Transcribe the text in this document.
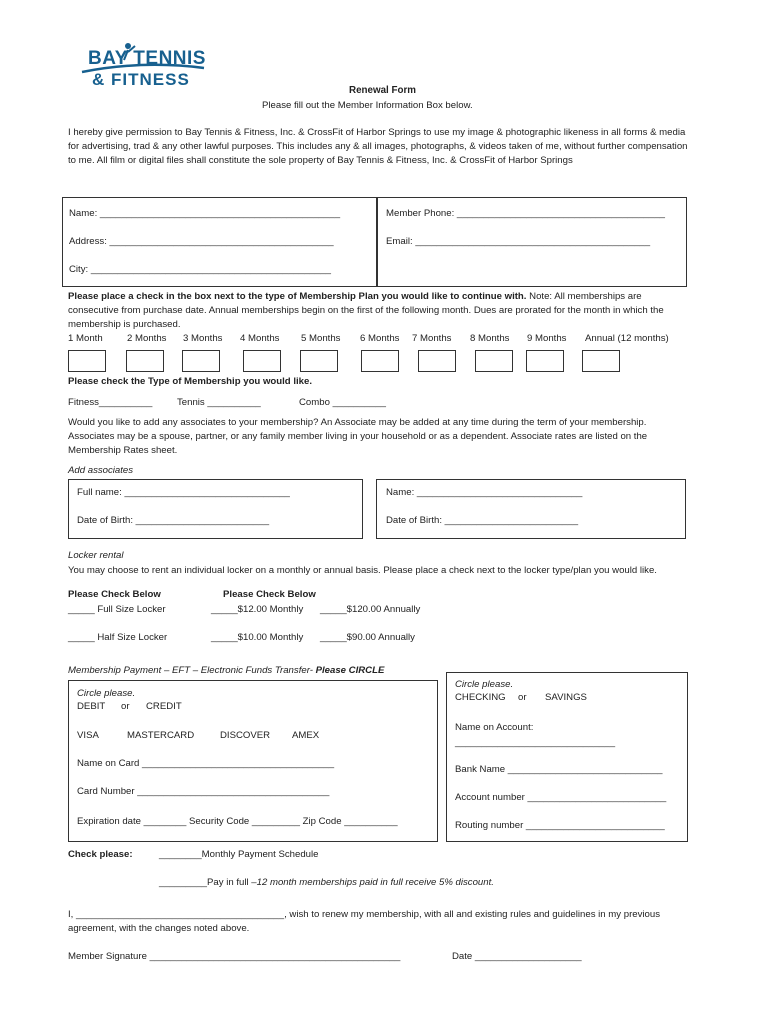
BAY TENNIS
& FITNESS
Renewal Form
Please fill out the Member Information Box below.
I hereby give permission to Bay Tennis & Fitness, Inc. & CrossFit of Harbor Springs to use my image & photographic likeness in all forms & media for advertising, trad & any other lawful purposes. This includes any & all images, photographs, & videos taken of me, without further compensation to me. All film or digital files shall constitute the sole property of Bay Tennis & Fitness, Inc. & CrossFit of Harbor Springs
Name: _____________________________________________
Address: __________________________________________
City: _____________________________________________
Member Phone: _______________________________________
Email: ____________________________________________
Please place a check in the box next to the type of Membership Plan you would like to continue with. Note: All memberships are consecutive from purchase date. Annual memberships begin on the first of the following month. Dues are prorated for the month in which the membership is purchased.
1 Month	2 Months 3 Months 4 Months 5 Months 6 Months 7 Months 8 Months 9 Months Annual (12 months)
Please check the Type of Membership you would like.
Fitness__________	Tennis __________	Combo __________
Would you like to add any associates to your membership? An Associate may be added at any time during the term of your membership. Associates may be a spouse, partner, or any family member living in your household or as a dependent. Associate rates are listed on the Membership Rates sheet.
Add associates
Full name: _______________________________
Date of Birth: _________________________
Name: _______________________________
Date of Birth: _________________________
Locker rental
You may choose to rent an individual locker on a monthly or annual basis. Please place a check next to the locker type/plan you would like.
Please Check Below	Please Check Below
_____ Full Size Locker	_____$12.00 Monthly _____$120.00 Annually
_____ Half Size Locker	_____$10.00 Monthly _____$90.00 Annually
Membership Payment – EFT – Electronic Funds Transfer- Please CIRCLE
Circle please.
DEBIT or CREDIT
VISA	MASTERCARD	DISCOVER AMEX
Name on Card ____________________________________
Card Number ____________________________________
Expiration date ________ Security Code _________ Zip Code __________
Circle please.
CHECKING or SAVINGS
Name on Account:
______________________________
Bank Name _____________________________
Account number __________________________
Routing number __________________________
Check please:	________Monthly Payment Schedule
_________Pay in full –12 month memberships paid in full receive 5% discount.
I, _______________________________________, wish to renew my membership, with all and existing rules and guidelines in my previous agreement, with the changes noted above.
Member Signature _______________________________________________	Date ____________________
